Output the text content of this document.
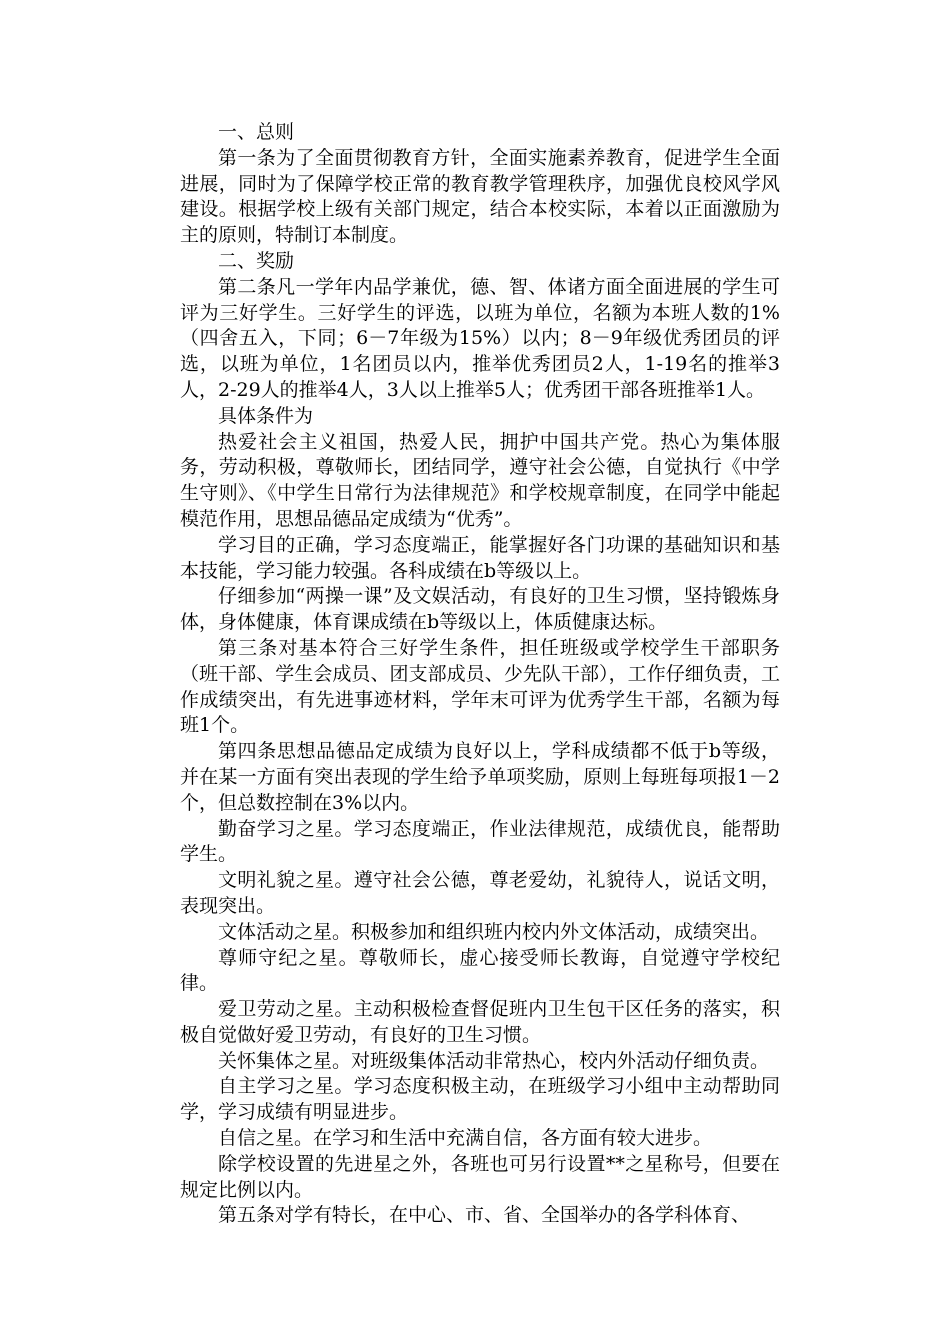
一、总则

第一条为了全面贯彻教育方针，全面实施素养教育，促进学生全面进展，同时为了保障学校正常的教育教学管理秩序，加强优良校风学风建设。根据学校上级有关部门规定，结合本校实际，本着以正面激励为主的原则，特制订本制度。

二、奖励

第二条凡一学年内品学兼优，德、智、体诸方面全面进展的学生可评为三好学生。三好学生的评选，以班为单位，名额为本班人数的1%（四舍五入，下同；6－7年级为15%）以内；8－9年级优秀团员的评选，以班为单位，1名团员以内，推举优秀团员2人，1-19名的推举3人，2-29人的推举4人，3人以上推举5人；优秀团干部各班推举1人。

具体条件为

热爱社会主义祖国，热爱人民，拥护中国共产党。热心为集体服务，劳动积极，尊敬师长，团结同学，遵守社会公德，自觉执行《中学生守则》、《中学生日常行为法律规范》和学校规章制度，在同学中能起模范作用，思想品德品定成绩为“优秀”。

学习目的正确，学习态度端正，能掌握好各门功课的基础知识和基本技能，学习能力较强。各科成绩在b等级以上。

仔细参加“两操一课”及文娱活动，有良好的卫生习惯，坚持锻炼身体，身体健康，体育课成绩在b等级以上，体质健康达标。

第三条对基本符合三好学生条件，担任班级或学校学生干部职务（班干部、学生会成员、团支部成员、少先队干部），工作仔细负责，工作成绩突出，有先进事迹材料，学年末可评为优秀学生干部，名额为每班1个。

第四条思想品德品定成绩为良好以上，学科成绩都不低于b等级，并在某一方面有突出表现的学生给予单项奖励，原则上每班每项报1－2个，但总数控制在3%以内。

勤奋学习之星。学习态度端正，作业法律规范，成绩优良，能帮助学生。

文明礼貌之星。遵守社会公德，尊老爱幼，礼貌待人，说话文明，表现突出。

文体活动之星。积极参加和组织班内校内外文体活动，成绩突出。

尊师守纪之星。尊敬师长，虚心接受师长教诲，自觉遵守学校纪律。

爱卫劳动之星。主动积极检查督促班内卫生包干区任务的落实，积极自觉做好爱卫劳动，有良好的卫生习惯。

关怀集体之星。对班级集体活动非常热心，校内外活动仔细负责。

自主学习之星。学习态度积极主动，在班级学习小组中主动帮助同学，学习成绩有明显进步。

自信之星。在学习和生活中充满自信，各方面有较大进步。

除学校设置的先进星之外，各班也可另行设置**之星称号，但要在规定比例以内。

第五条对学有特长，在中心、市、省、全国举办的各学科体育、
